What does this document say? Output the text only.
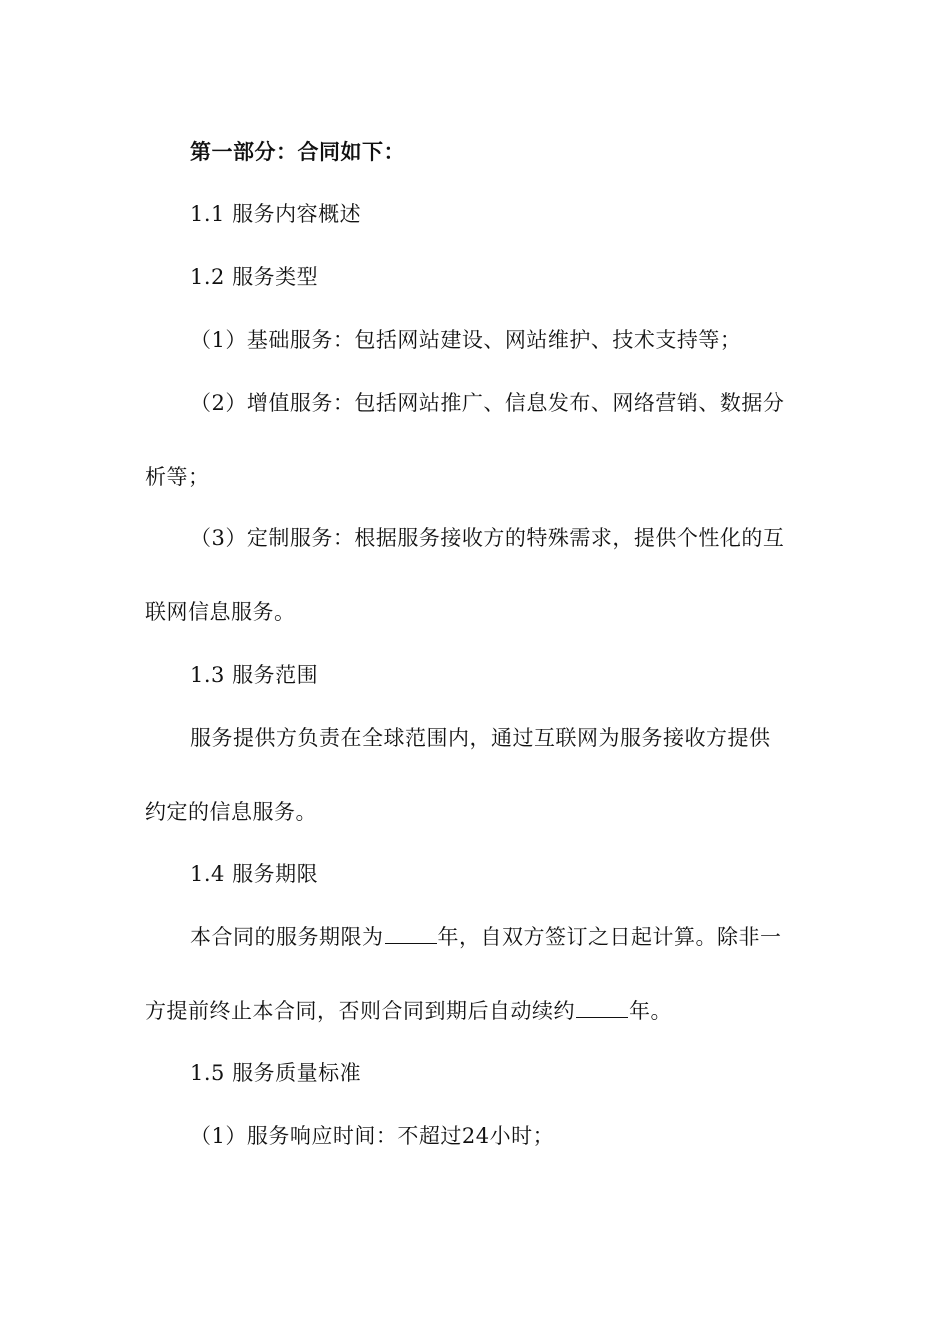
第一部分：合同如下：
1.1 服务内容概述
1.2 服务类型
（1）基础服务：包括网站建设、网站维护、技术支持等；
（2）增值服务：包括网站推广、信息发布、网络营销、数据分
析等；
（3）定制服务：根据服务接收方的特殊需求，提供个性化的互
联网信息服务。
1.3 服务范围
服务提供方负责在全球范围内，通过互联网为服务接收方提供
约定的信息服务。
1.4 服务期限
本合同的服务期限为	年，自双方签订之日起计算。除非一
方提前终止本合同，否则合同到期后自动续约	年。
1.5 服务质量标准
（1）服务响应时间：不超过24小时；
